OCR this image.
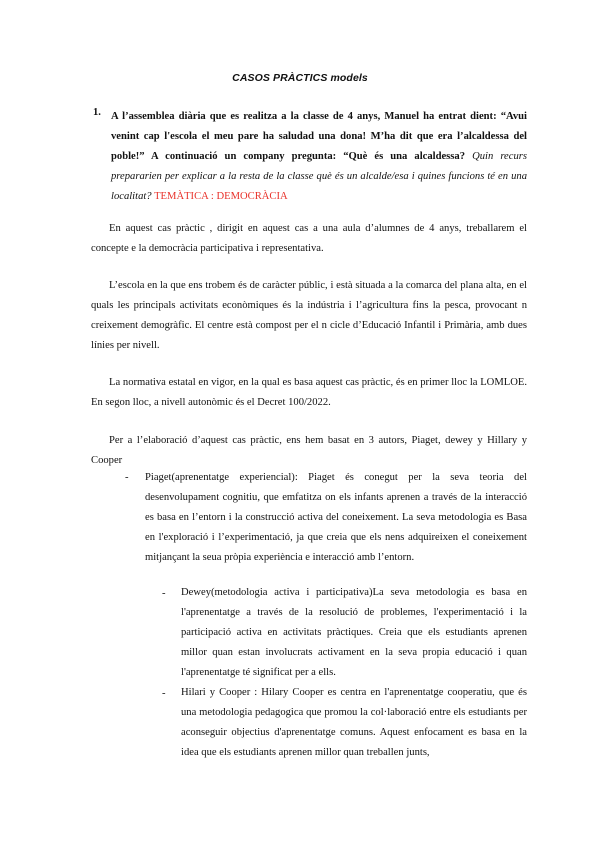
CASOS PRÀCTICS models
1. A l’assemblea diària que es realitza a la classe de 4 anys, Manuel ha entrat dient: “Avui venint cap l'escola el meu pare ha saludad una dona! M’ha dit que era l’alcaldessa del poble!” A continuació un company pregunta: “Què és una alcaldessa? Quin recurs prepararien per explicar a la resta de la classe què és un alcalde/esa i quines funcions té en una localitat? TEMÀTICA : DEMOCRÀCIA

En aquest cas pràctic , dirigit en aquest cas a una aula d’alumnes de 4 anys, treballarem el concepte e la democràcia participativa i representativa.

L’escola en la que ens trobem és de caràcter públic, i està situada a la comarca del plana alta, en el quals les principals activitats econòmiques és la indústria i l’agricultura fins la pesca, provocant n creixement demogràfic. El centre està compost per el n cicle d’Educació Infantil i Primària, amb dues línies per nivell.

La normativa estatal en vigor, en la qual es basa aquest cas pràctic, és en primer lloc la LOMLOE. En segon lloc, a nivell autonòmic és el Decret 100/2022.

Per a l’elaboració d’aquest cas pràctic, ens hem basat en 3 autors, Piaget, dewey y Hillary y Cooper

- Piaget(aprenentatge experiencial): Piaget és conegut per la seva teoria del desenvolupament cognitiu, que emfatitza on els infants aprenen a través de la interacció es basa en l’entorn i la construcció activa del coneixement. La seva metodologia es Basa en l'exploració i l’experimentació, ja que creia que els nens adquireixen el coneixement mitjançant la seua pròpia experiència e interacció amb l’entorn.

- Dewey(metodologia activa i participativa)La seva metodologia es basa en l'aprenentatge a través de la resolució de problemes, l'experimentació i la participació activa en activitats pràctiques. Creia que els estudiants aprenen millor quan estan involucrats activament en la seva propia educació i quan l'aprenentatge té significat per a ells.

- Hilari y Cooper : Hilary Cooper es centra en l'aprenentatge cooperatiu, que és una metodologia pedagogica que promou la col·laboració entre els estudiants per aconseguir objectius d'aprenentatge comuns. Aquest enfocament es basa en la idea que els estudiants aprenen millor quan treballen junts,
